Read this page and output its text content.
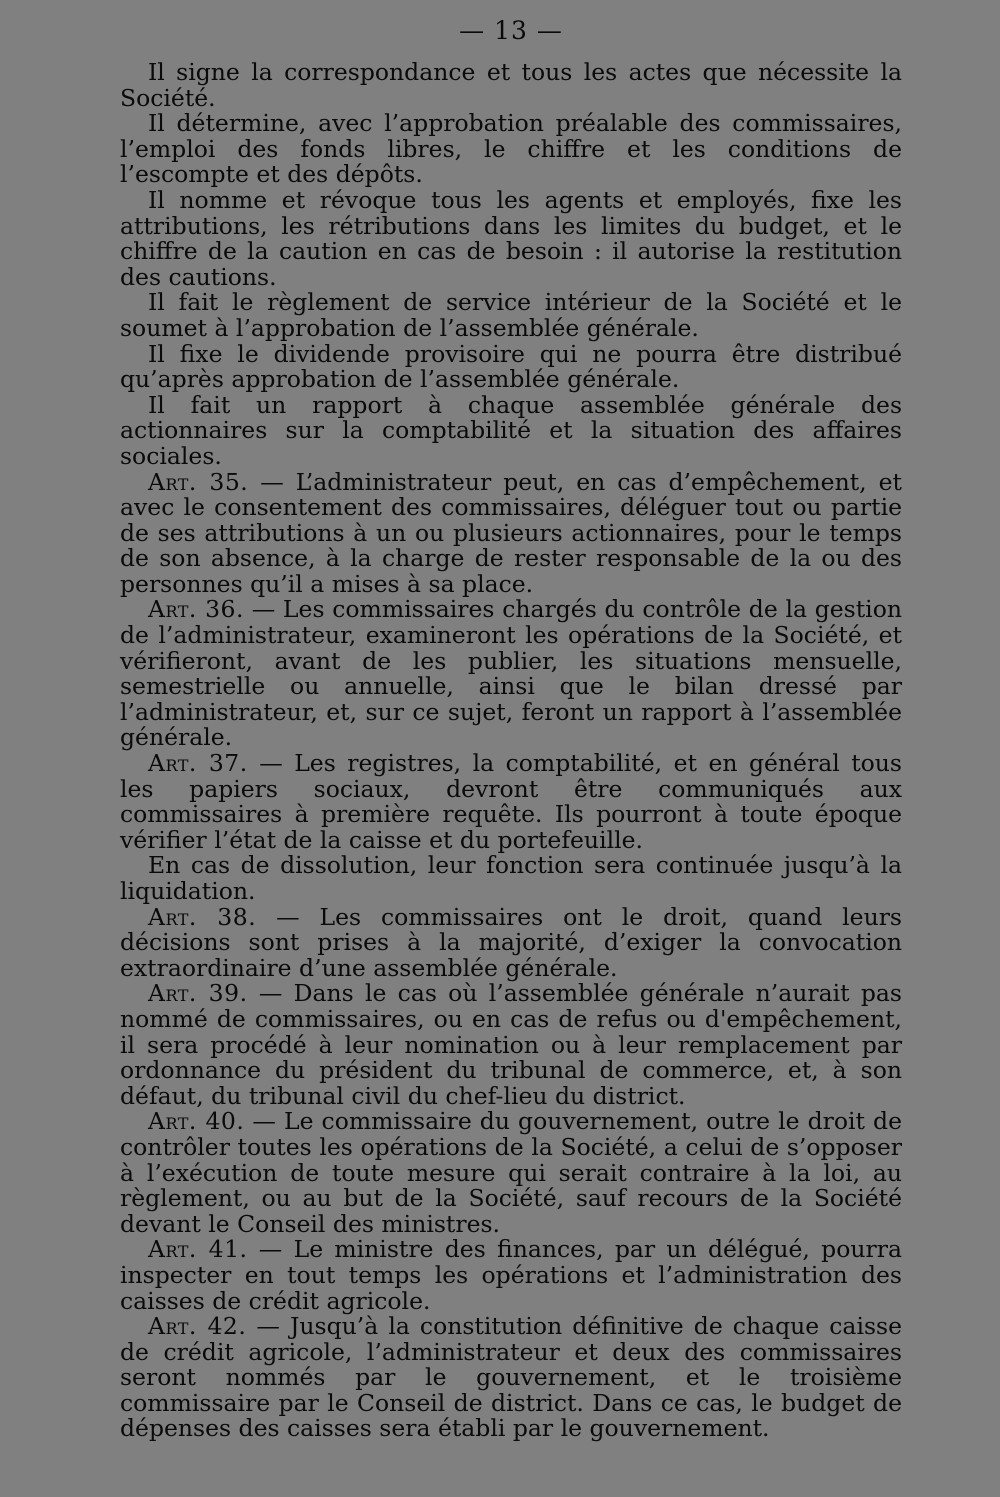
— 13 —

Il signe la correspondance et tous les actes que nécessite la Société.

Il détermine, avec l’approbation préalable des commissaires, l’emploi des fonds libres, le chiffre et les conditions de l’escompte et des dépôts.

Il nomme et révoque tous les agents et employés, fixe les attributions, les rétributions dans les limites du budget, et le chiffre de la caution en cas de besoin : il autorise la restitution des cautions.

Il fait le règlement de service intérieur de la Société et le soumet à l’approbation de l’assemblée générale.

Il fixe le dividende provisoire qui ne pourra être distribué qu’après approbation de l’assemblée générale.

Il fait un rapport à chaque assemblée générale des actionnaires sur la comptabilité et la situation des affaires sociales.

Art. 35. — L’administrateur peut, en cas d’empêchement, et avec le consentement des commissaires, déléguer tout ou partie de ses attributions à un ou plusieurs actionnaires, pour le temps de son absence, à la charge de rester responsable de la ou des personnes qu’il a mises à sa place.

Art. 36. — Les commissaires chargés du contrôle de la gestion de l’administrateur, examineront les opérations de la Société, et vérifieront, avant de les publier, les situations mensuelle, semestrielle ou annuelle, ainsi que le bilan dressé par l’administrateur, et, sur ce sujet, feront un rapport à l’assemblée générale.

Art. 37. — Les registres, la comptabilité, et en général tous les papiers sociaux, devront être communiqués aux commissaires à première requête. Ils pourront à toute époque vérifier l’état de la caisse et du portefeuille.

En cas de dissolution, leur fonction sera continuée jusqu’à la liquidation.

Art. 38. — Les commissaires ont le droit, quand leurs décisions sont prises à la majorité, d’exiger la convocation extraordinaire d’une assemblée générale.

Art. 39. — Dans le cas où l’assemblée générale n’aurait pas nommé de commissaires, ou en cas de refus ou d'empêchement, il sera procédé à leur nomination ou à leur remplacement par ordonnance du président du tribunal de commerce, et, à son défaut, du tribunal civil du chef-lieu du district.

Art. 40. — Le commissaire du gouvernement, outre le droit de contrôler toutes les opérations de la Société, a celui de s’opposer à l’exécution de toute mesure qui serait contraire à la loi, au règlement, ou au but de la Société, sauf recours de la Société devant le Conseil des ministres.

Art. 41. — Le ministre des finances, par un délégué, pourra inspecter en tout temps les opérations et l’administration des caisses de crédit agricole.

Art. 42. — Jusqu’à la constitution définitive de chaque caisse de crédit agricole, l’administrateur et deux des commissaires seront nommés par le gouvernement, et le troisième commissaire par le Conseil de district. Dans ce cas, le budget de dépenses des caisses sera établi par le gouvernement.
